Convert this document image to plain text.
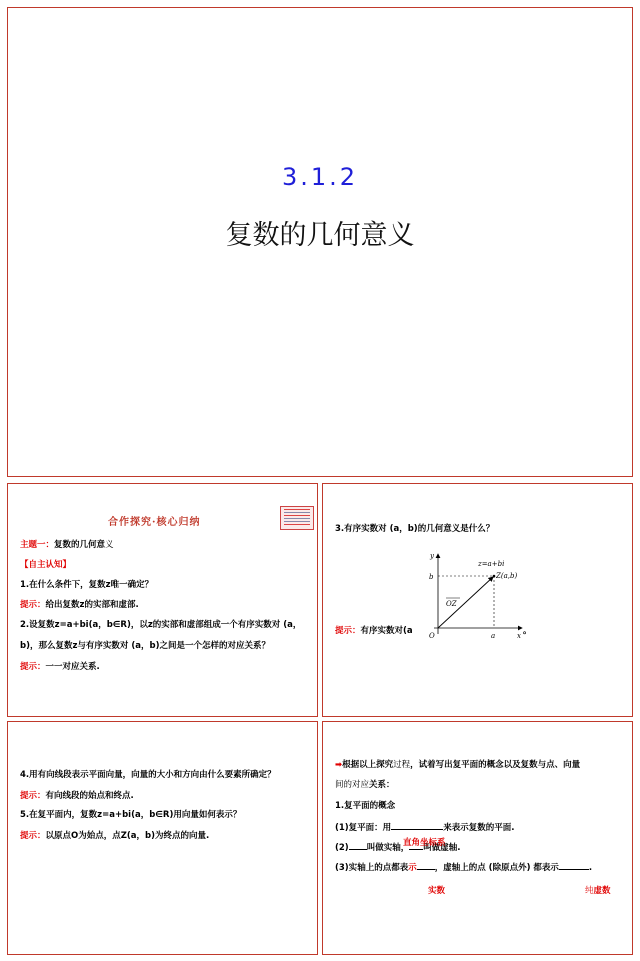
3.1.2
复数的几何意义
合作探究·核心归纳
主题一：复数的几何意义
【自主认知】
1.在什么条件下，复数z唯一确定？
提示：给出复数z的实部和虚部.
2.设复数z=a+bi(a，b∈R)，以z的实部和虚部组成一个有序实数对 (a，
b)，那么复数z与有序实数对 (a，b)之间是一个怎样的对应关系？
提示：一一对应关系.
3.有序实数对 (a，b)的几何意义是什么？
y
x
O
b
a
z=a+bi
Z(a,b)
OZ
提示：有序实数对(a	。
4.用有向线段表示平面向量，向量的大小和方向由什么要素所确定？
提示：有向线段的始点和终点.
5.在复平面内，复数z=a+bi(a，b∈R)用向量如何表示？
提示：以原点O为始点，点Z(a，b)为终点的向量.
➡根据以上探究过程，试着写出复平面的概念以及复数与点、向量
间的对应关系：
1.复平面的概念
(1)复平面：用	来表示复数的平面.
(2) 叫做实轴， 叫做虚轴.
直角坐标系
(3)实轴上的点都表示 ，虚轴上的点 (除原点外) 都表示	.
实数	纯虚数
